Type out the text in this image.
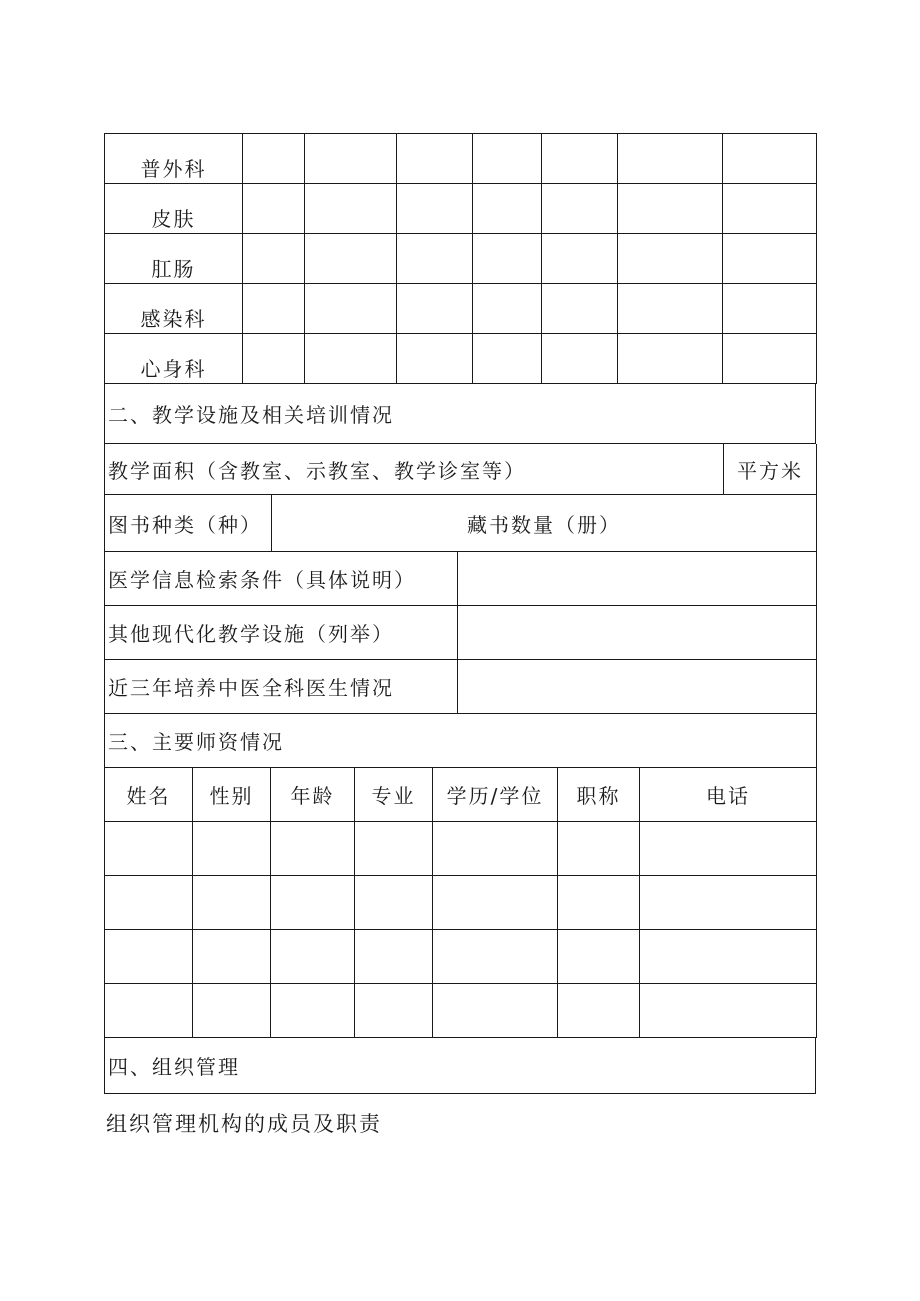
普外科							
皮肤							
肛肠							
感染科							
心身科							
二、教学设施及相关培训情况
教学面积（含教室、示教室、教学诊室等）	平方米
图书种类（种）	藏书数量（册）
医学信息检索条件（具体说明）	
其他现代化教学设施（列举）	
近三年培养中医全科医生情况	
三、主要师资情况	
姓名	性别	年龄	专业	学历/学位	职称	电话

四、组织管理
组织管理机构的成员及职责
